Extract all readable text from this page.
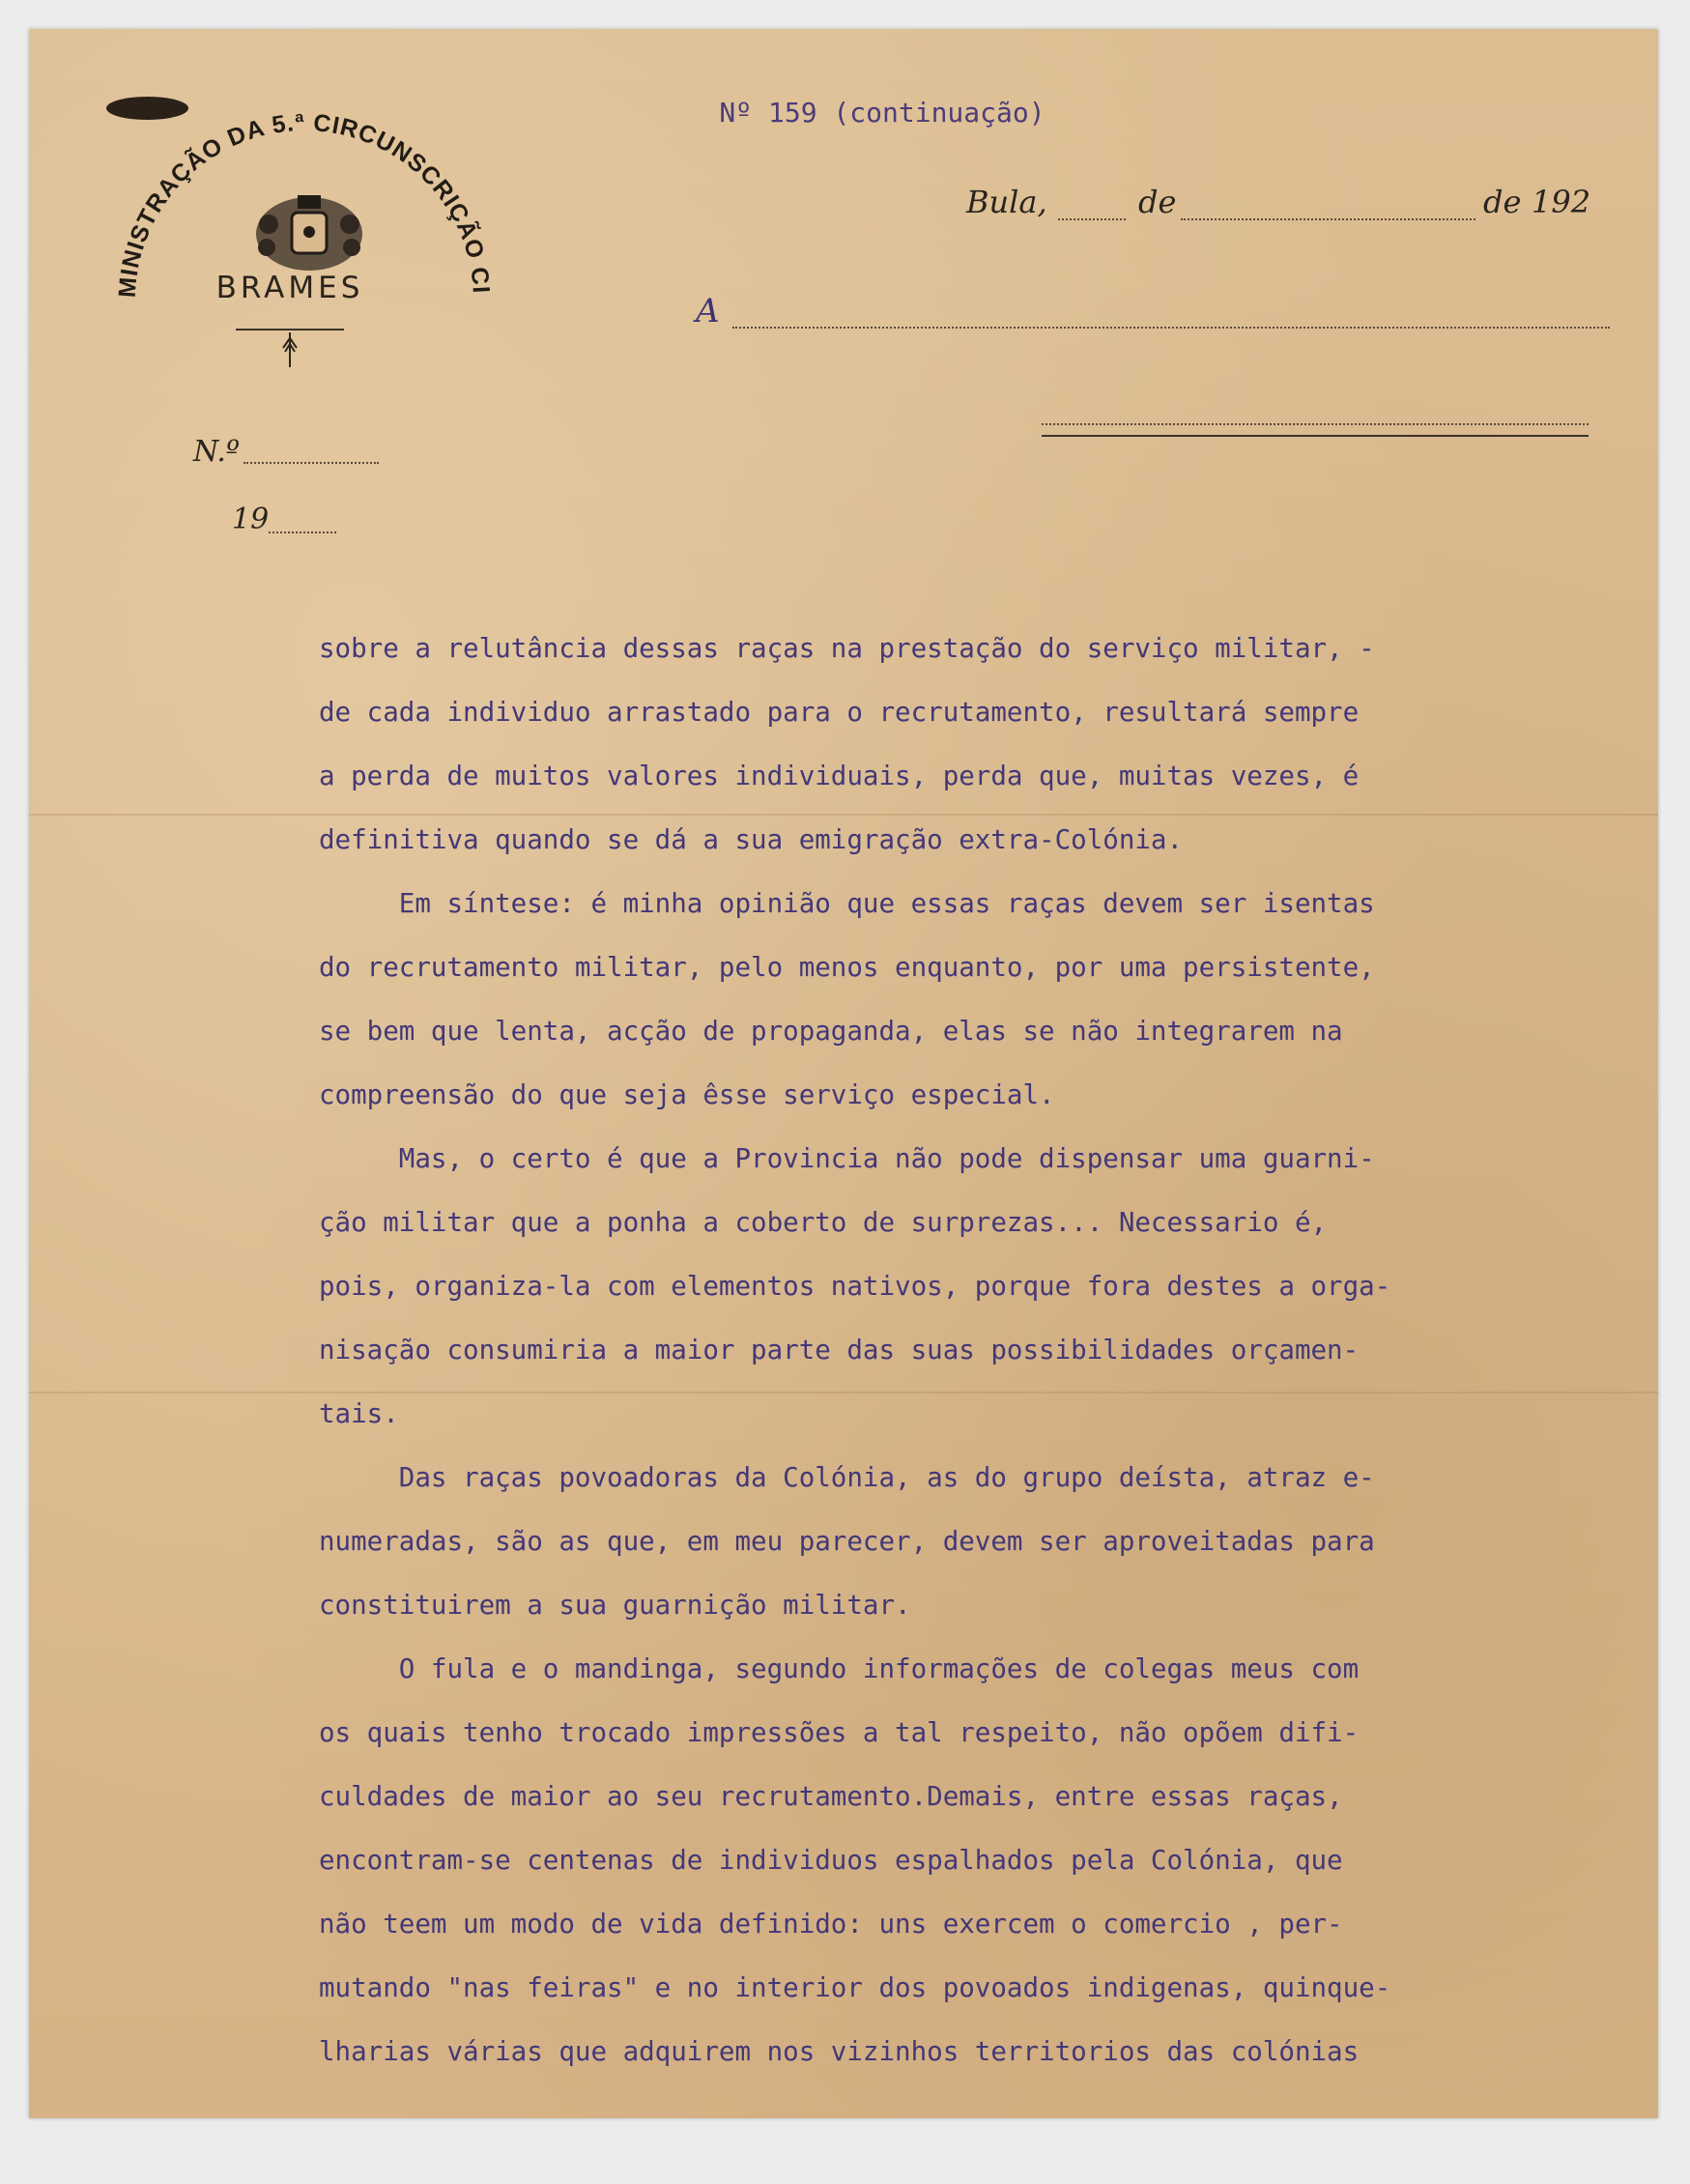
MINISTRAÇÃO DA 5.ª CIRCUNSCRIÇÃO CI
BRAMES
Nº 159 (continuação)
Bula,	de	de 192
A
N.º
19

sobre a relutância dessas raças na prestação do serviço militar, -

de cada individuo arrastado para o recrutamento, resultará sempre

a perda de muitos valores individuais, perda que, muitas vezes, é

definitiva quando se dá a sua emigração extra-Colónia.

Em síntese: é minha opinião que essas raças devem ser isentas

do recrutamento militar, pelo menos enquanto, por uma persistente,

se bem que lenta, acção de propaganda, elas se não integrarem na

compreensão do que seja êsse serviço especial.

Mas, o certo é que a Provincia não pode dispensar uma guarni-

ção militar que a ponha a coberto de surprezas... Necessario é,

pois, organiza-la com elementos nativos, porque fora destes a orga-

nisação consumiria a maior parte das suas possibilidades orçamen-

tais.

Das raças povoadoras da Colónia, as do grupo deísta, atraz e-

numeradas, são as que, em meu parecer, devem ser aproveitadas para

constituirem a sua guarnição militar.

O fula e o mandinga, segundo informações de colegas meus com

os quais tenho trocado impressões a tal respeito, não opõem difi-

culdades de maior ao seu recrutamento.Demais, entre essas raças,

encontram-se centenas de individuos espalhados pela Colónia, que

não teem um modo de vida definido: uns exercem o comercio , per-

mutando "nas feiras" e no interior dos povoados indigenas, quinque-

lharias várias que adquirem nos vizinhos territorios das colónias
